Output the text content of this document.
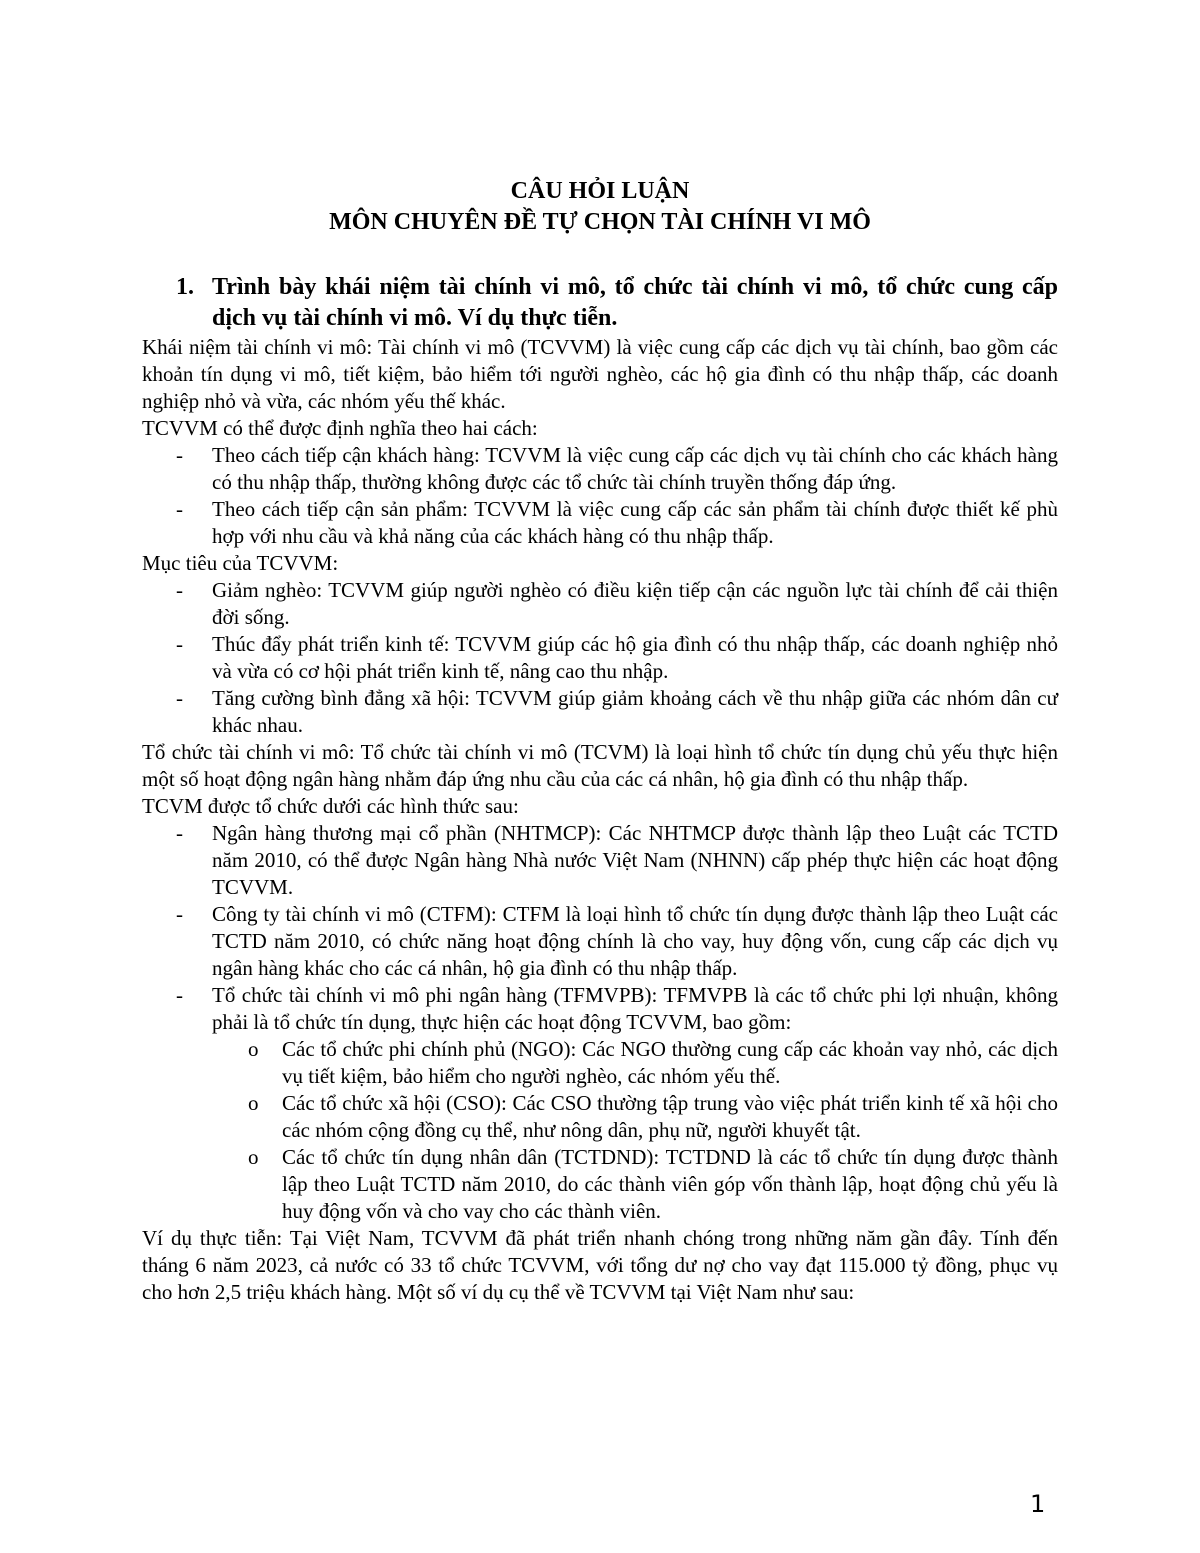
CÂU HỎI LUẬN
MÔN CHUYÊN ĐỀ TỰ CHỌN TÀI CHÍNH VI MÔ
1. Trình bày khái niệm tài chính vi mô, tổ chức tài chính vi mô, tổ chức cung cấp dịch vụ tài chính vi mô. Ví dụ thực tiễn.
Khái niệm tài chính vi mô: Tài chính vi mô (TCVVM) là việc cung cấp các dịch vụ tài chính, bao gồm các khoản tín dụng vi mô, tiết kiệm, bảo hiểm tới người nghèo, các hộ gia đình có thu nhập thấp, các doanh nghiệp nhỏ và vừa, các nhóm yếu thế khác.
TCVVM có thể được định nghĩa theo hai cách:
-	Theo cách tiếp cận khách hàng: TCVVM là việc cung cấp các dịch vụ tài chính cho các khách hàng có thu nhập thấp, thường không được các tổ chức tài chính truyền thống đáp ứng.
-	Theo cách tiếp cận sản phẩm: TCVVM là việc cung cấp các sản phẩm tài chính được thiết kế phù hợp với nhu cầu và khả năng của các khách hàng có thu nhập thấp.
Mục tiêu của TCVVM:
-	Giảm nghèo: TCVVM giúp người nghèo có điều kiện tiếp cận các nguồn lực tài chính để cải thiện đời sống.
-	Thúc đẩy phát triển kinh tế: TCVVM giúp các hộ gia đình có thu nhập thấp, các doanh nghiệp nhỏ và vừa có cơ hội phát triển kinh tế, nâng cao thu nhập.
-	Tăng cường bình đẳng xã hội: TCVVM giúp giảm khoảng cách về thu nhập giữa các nhóm dân cư khác nhau.
Tổ chức tài chính vi mô: Tổ chức tài chính vi mô (TCVM) là loại hình tổ chức tín dụng chủ yếu thực hiện một số hoạt động ngân hàng nhằm đáp ứng nhu cầu của các cá nhân, hộ gia đình có thu nhập thấp.
TCVM được tổ chức dưới các hình thức sau:
-	Ngân hàng thương mại cổ phần (NHTMCP): Các NHTMCP được thành lập theo Luật các TCTD năm 2010, có thể được Ngân hàng Nhà nước Việt Nam (NHNN) cấp phép thực hiện các hoạt động TCVVM.
-	Công ty tài chính vi mô (CTFM): CTFM là loại hình tổ chức tín dụng được thành lập theo Luật các TCTD năm 2010, có chức năng hoạt động chính là cho vay, huy động vốn, cung cấp các dịch vụ ngân hàng khác cho các cá nhân, hộ gia đình có thu nhập thấp.
-	Tổ chức tài chính vi mô phi ngân hàng (TFMVPB): TFMVPB là các tổ chức phi lợi nhuận, không phải là tổ chức tín dụng, thực hiện các hoạt động TCVVM, bao gồm:
o	Các tổ chức phi chính phủ (NGO): Các NGO thường cung cấp các khoản vay nhỏ, các dịch vụ tiết kiệm, bảo hiểm cho người nghèo, các nhóm yếu thế.
o	Các tổ chức xã hội (CSO): Các CSO thường tập trung vào việc phát triển kinh tế xã hội cho các nhóm cộng đồng cụ thể, như nông dân, phụ nữ, người khuyết tật.
o	Các tổ chức tín dụng nhân dân (TCTDND): TCTDND là các tổ chức tín dụng được thành lập theo Luật TCTD năm 2010, do các thành viên góp vốn thành lập, hoạt động chủ yếu là huy động vốn và cho vay cho các thành viên.
Ví dụ thực tiễn: Tại Việt Nam, TCVVM đã phát triển nhanh chóng trong những năm gần đây. Tính đến tháng 6 năm 2023, cả nước có 33 tổ chức TCVVM, với tổng dư nợ cho vay đạt 115.000 tỷ đồng, phục vụ cho hơn 2,5 triệu khách hàng. Một số ví dụ cụ thể về TCVVM tại Việt Nam như sau:
1
